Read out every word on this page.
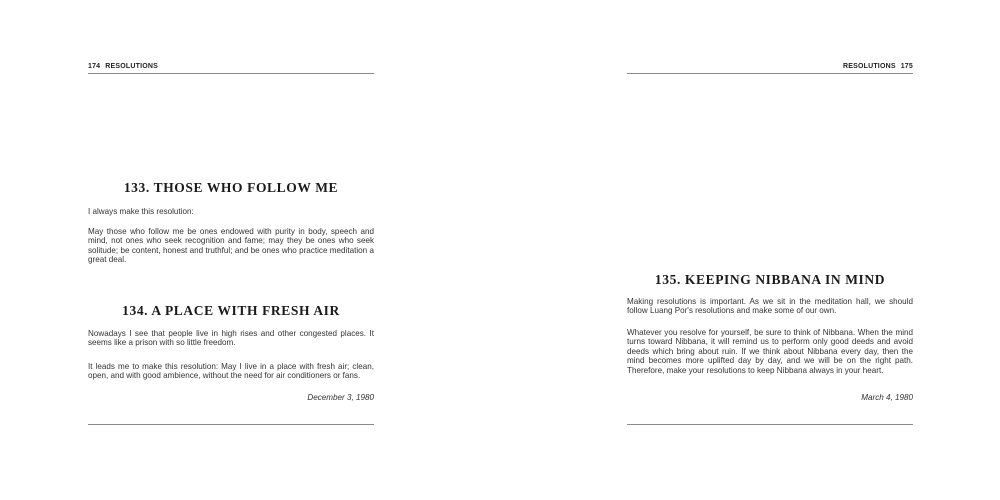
174 RESOLUTIONS
133. THOSE WHO FOLLOW ME

I always make this resolution:

May those who follow me be ones endowed with purity in body, speech and mind, not ones who seek recognition and fame; may they be ones who seek solitude; be content, honest and truthful; and be ones who practice meditation a great deal.

134. A PLACE WITH FRESH AIR

Nowadays I see that people live in high rises and other congested places. It seems like a prison with so little freedom.

It leads me to make this resolution: May I live in a place with fresh air; clean, open, and with good ambience, without the need for air conditioners or fans.

December 3, 1980
RESOLUTIONS 175
135. KEEPING NIBBANA IN MIND

Making resolutions is important. As we sit in the meditation hall, we should follow Luang Por's resolutions and make some of our own.

Whatever you resolve for yourself, be sure to think of Nibbana. When the mind turns toward Nibbana, it will remind us to perform only good deeds and avoid deeds which bring about ruin. If we think about Nibbana every day, then the mind becomes more uplifted day by day, and we will be on the right path. Therefore, make your resolutions to keep Nibbana always in your heart.

March 4, 1980
